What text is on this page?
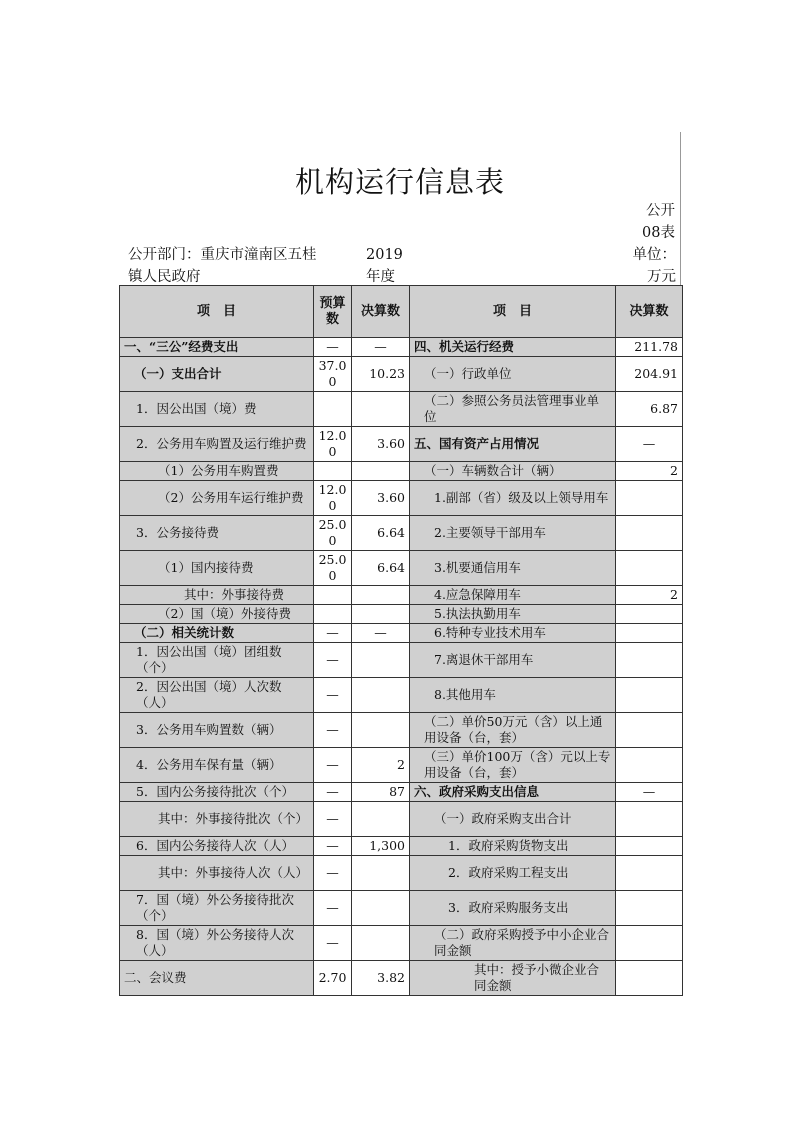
机构运行信息表
公开08表
公开部门：重庆市潼南区五桂镇人民政府
2019年度
单位：万元
项　目	预算数	决算数	项　目	决算数
一、“三公”经费支出	—	—	四、机关运行经费	211.78
（一）支出合计	37.00	10.23	（一）行政单位	204.91
1．因公出国（境）费			（二）参照公务员法管理事业单位	6.87
2．公务用车购置及运行维护费	12.00	3.60	五、国有资产占用情况	—
（1）公务用车购置费			（一）车辆数合计（辆）	2
（2）公务用车运行维护费	12.00	3.60	1.副部（省）级及以上领导用车	
3．公务接待费	25.00	6.64	2.主要领导干部用车	
（1）国内接待费	25.00	6.64	3.机要通信用车	
其中：外事接待费			4.应急保障用车	2
（2）国（境）外接待费			5.执法执勤用车	
（二）相关统计数	—	—	6.特种专业技术用车	
1．因公出国（境）团组数（个）	—		7.离退休干部用车	
2．因公出国（境）人次数（人）	—		8.其他用车	
3．公务用车购置数（辆）	—		（二）单价50万元（含）以上通用设备（台，套）	
4．公务用车保有量（辆）	—	2	（三）单价100万（含）元以上专用设备（台，套）	
5．国内公务接待批次（个）	—	87	六、政府采购支出信息	—
其中：外事接待批次（个）	—		（一）政府采购支出合计	
6．国内公务接待人次（人）	—	1,300	1．政府采购货物支出	
其中：外事接待人次（人）	—		2．政府采购工程支出	
7．国（境）外公务接待批次（个）	—		3．政府采购服务支出	
8．国（境）外公务接待人次（人）	—		（二）政府采购授予中小企业合同金额	
二、会议费	2.70	3.82	其中：授予小微企业合同金额	
